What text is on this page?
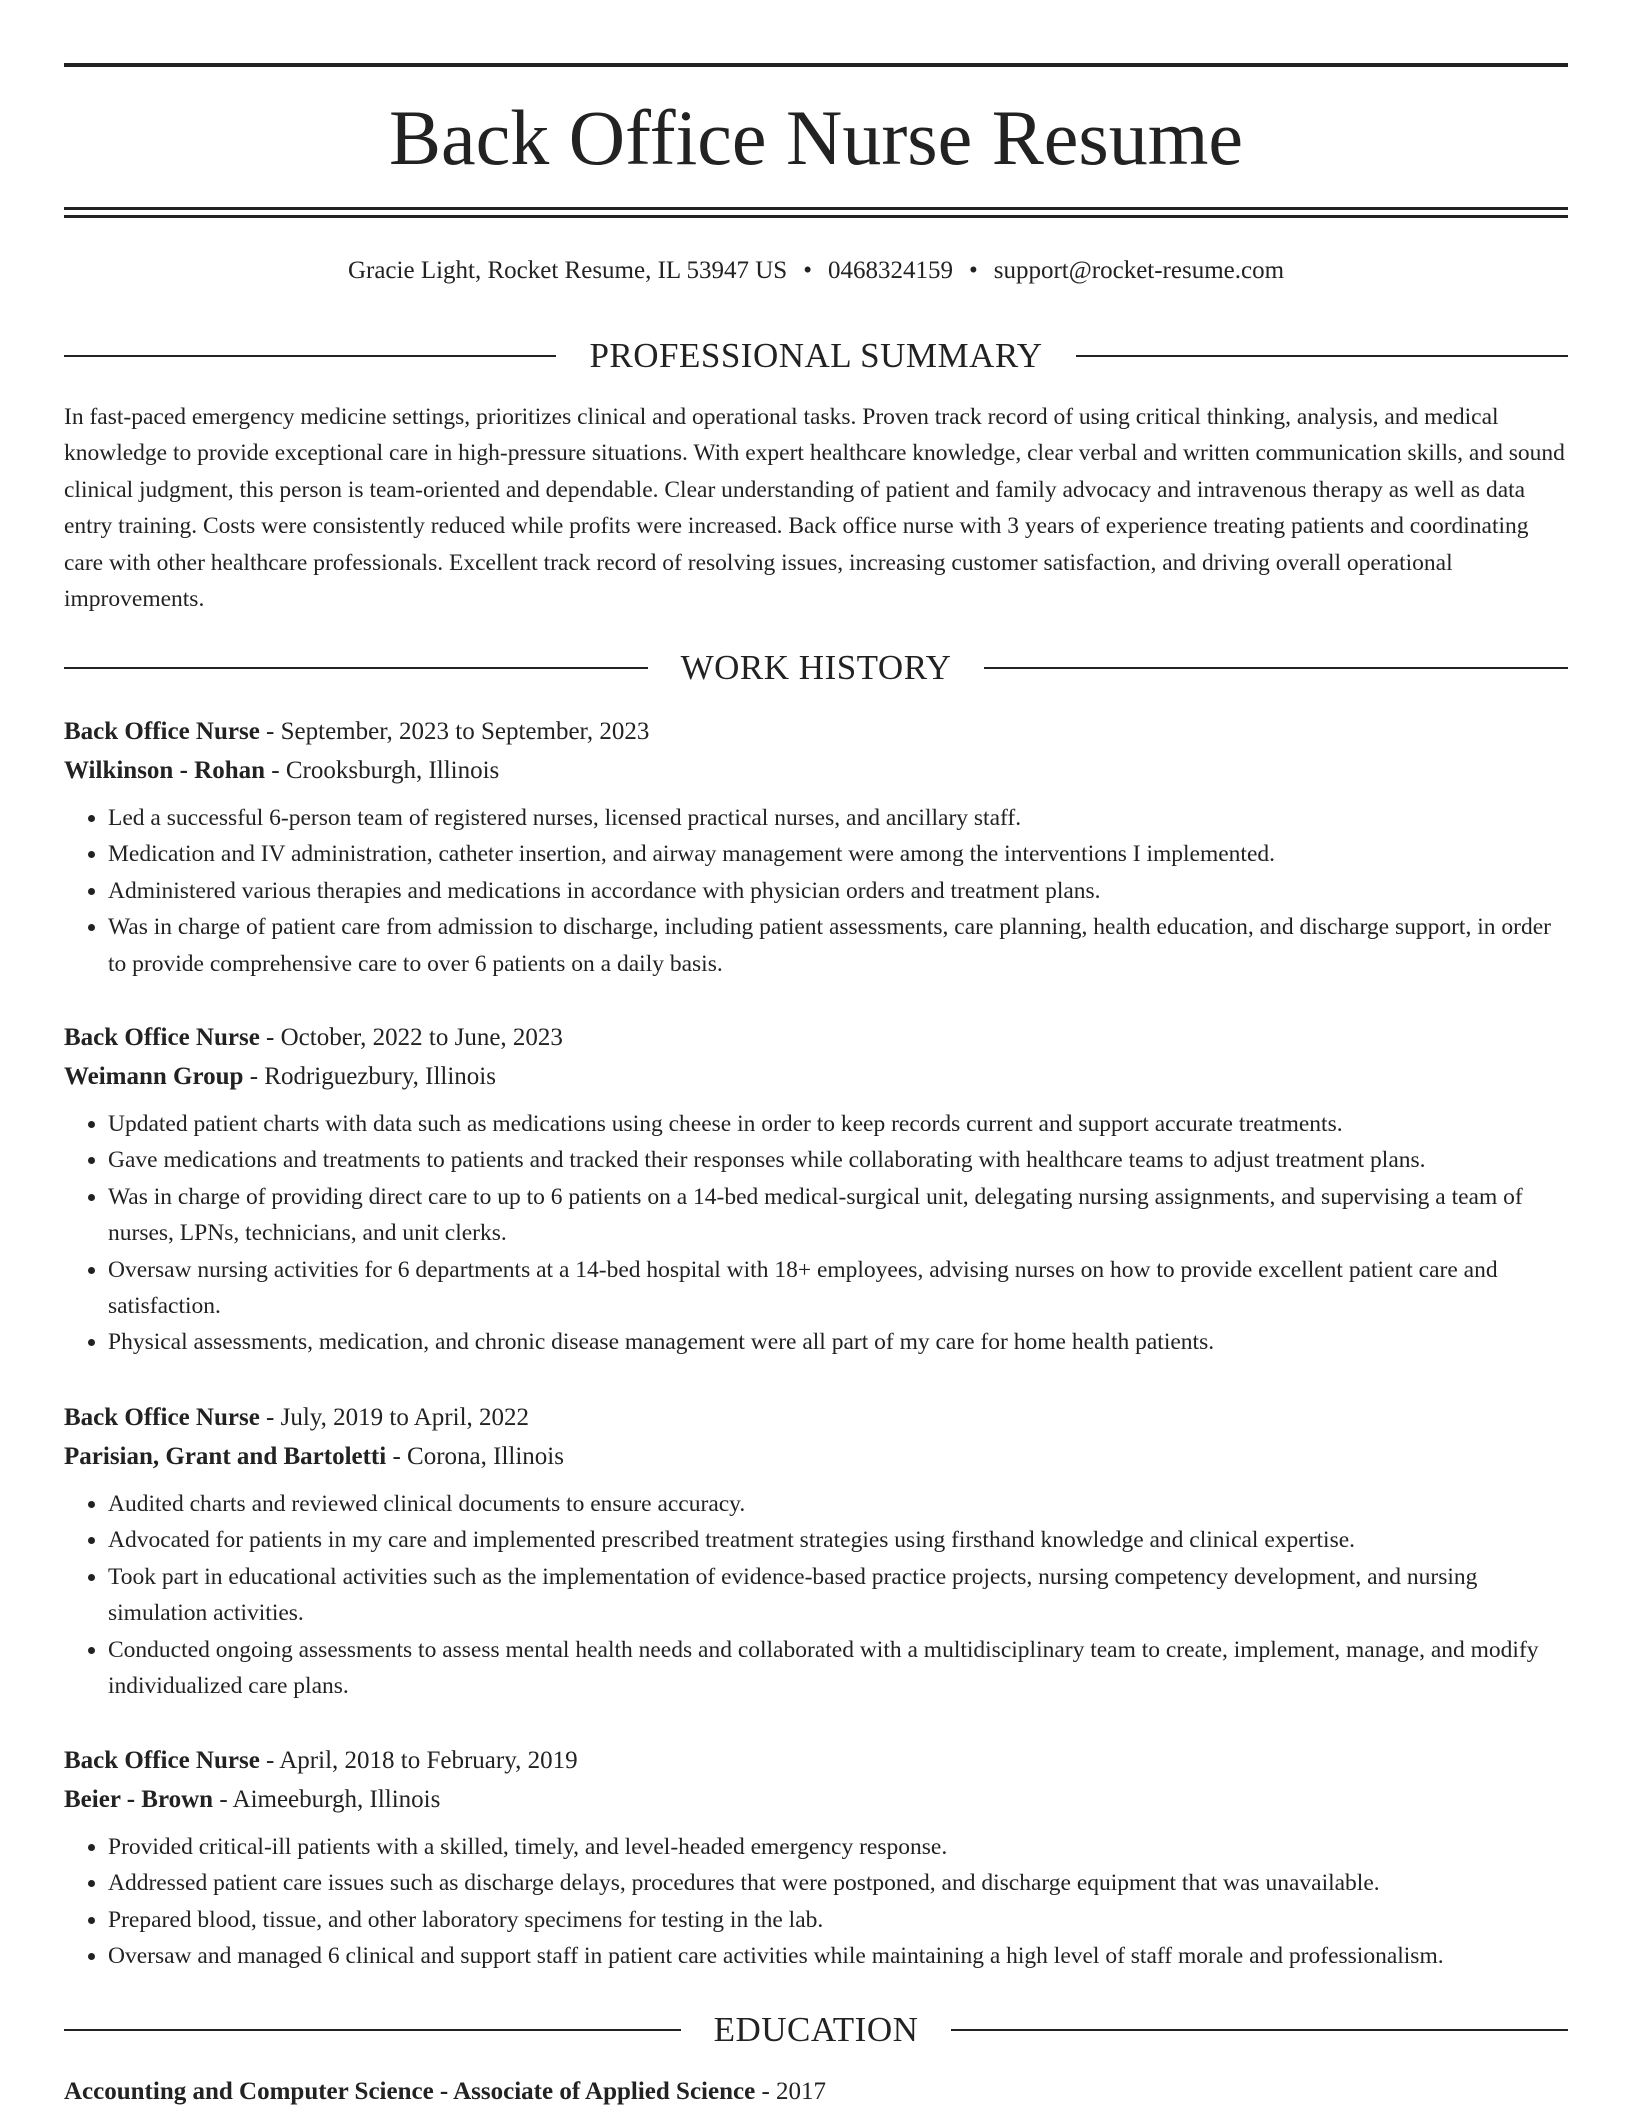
Back Office Nurse Resume
Gracie Light, Rocket Resume, IL 53947 US • 0468324159 • support@rocket-resume.com
PROFESSIONAL SUMMARY

In fast-paced emergency medicine settings, prioritizes clinical and operational tasks. Proven track record of using critical thinking, analysis, and medical knowledge to provide exceptional care in high-pressure situations. With expert healthcare knowledge, clear verbal and written communication skills, and sound clinical judgment, this person is team-oriented and dependable. Clear understanding of patient and family advocacy and intravenous therapy as well as data entry training. Costs were consistently reduced while profits were increased. Back office nurse with 3 years of experience treating patients and coordinating care with other healthcare professionals. Excellent track record of resolving issues, increasing customer satisfaction, and driving overall operational improvements.

WORK HISTORY
Back Office Nurse - September, 2023 to September, 2023
Wilkinson - Rohan - Crooksburgh, Illinois
• Led a successful 6-person team of registered nurses, licensed practical nurses, and ancillary staff.
• Medication and IV administration, catheter insertion, and airway management were among the interventions I implemented.
• Administered various therapies and medications in accordance with physician orders and treatment plans.
• Was in charge of patient care from admission to discharge, including patient assessments, care planning, health education, and discharge support, in order to provide comprehensive care to over 6 patients on a daily basis.
Back Office Nurse - October, 2022 to June, 2023
Weimann Group - Rodriguezbury, Illinois
• Updated patient charts with data such as medications using cheese in order to keep records current and support accurate treatments.
• Gave medications and treatments to patients and tracked their responses while collaborating with healthcare teams to adjust treatment plans.
• Was in charge of providing direct care to up to 6 patients on a 14-bed medical-surgical unit, delegating nursing assignments, and supervising a team of nurses, LPNs, technicians, and unit clerks.
• Oversaw nursing activities for 6 departments at a 14-bed hospital with 18+ employees, advising nurses on how to provide excellent patient care and satisfaction.
• Physical assessments, medication, and chronic disease management were all part of my care for home health patients.
Back Office Nurse - July, 2019 to April, 2022
Parisian, Grant and Bartoletti - Corona, Illinois
• Audited charts and reviewed clinical documents to ensure accuracy.
• Advocated for patients in my care and implemented prescribed treatment strategies using firsthand knowledge and clinical expertise.
• Took part in educational activities such as the implementation of evidence-based practice projects, nursing competency development, and nursing simulation activities.
• Conducted ongoing assessments to assess mental health needs and collaborated with a multidisciplinary team to create, implement, manage, and modify individualized care plans.
Back Office Nurse - April, 2018 to February, 2019
Beier - Brown - Aimeeburgh, Illinois
• Provided critical-ill patients with a skilled, timely, and level-headed emergency response.
• Addressed patient care issues such as discharge delays, procedures that were postponed, and discharge equipment that was unavailable.
• Prepared blood, tissue, and other laboratory specimens for testing in the lab.
• Oversaw and managed 6 clinical and support staff in patient care activities while maintaining a high level of staff morale and professionalism.
EDUCATION
Accounting and Computer Science - Associate of Applied Science - 2017
